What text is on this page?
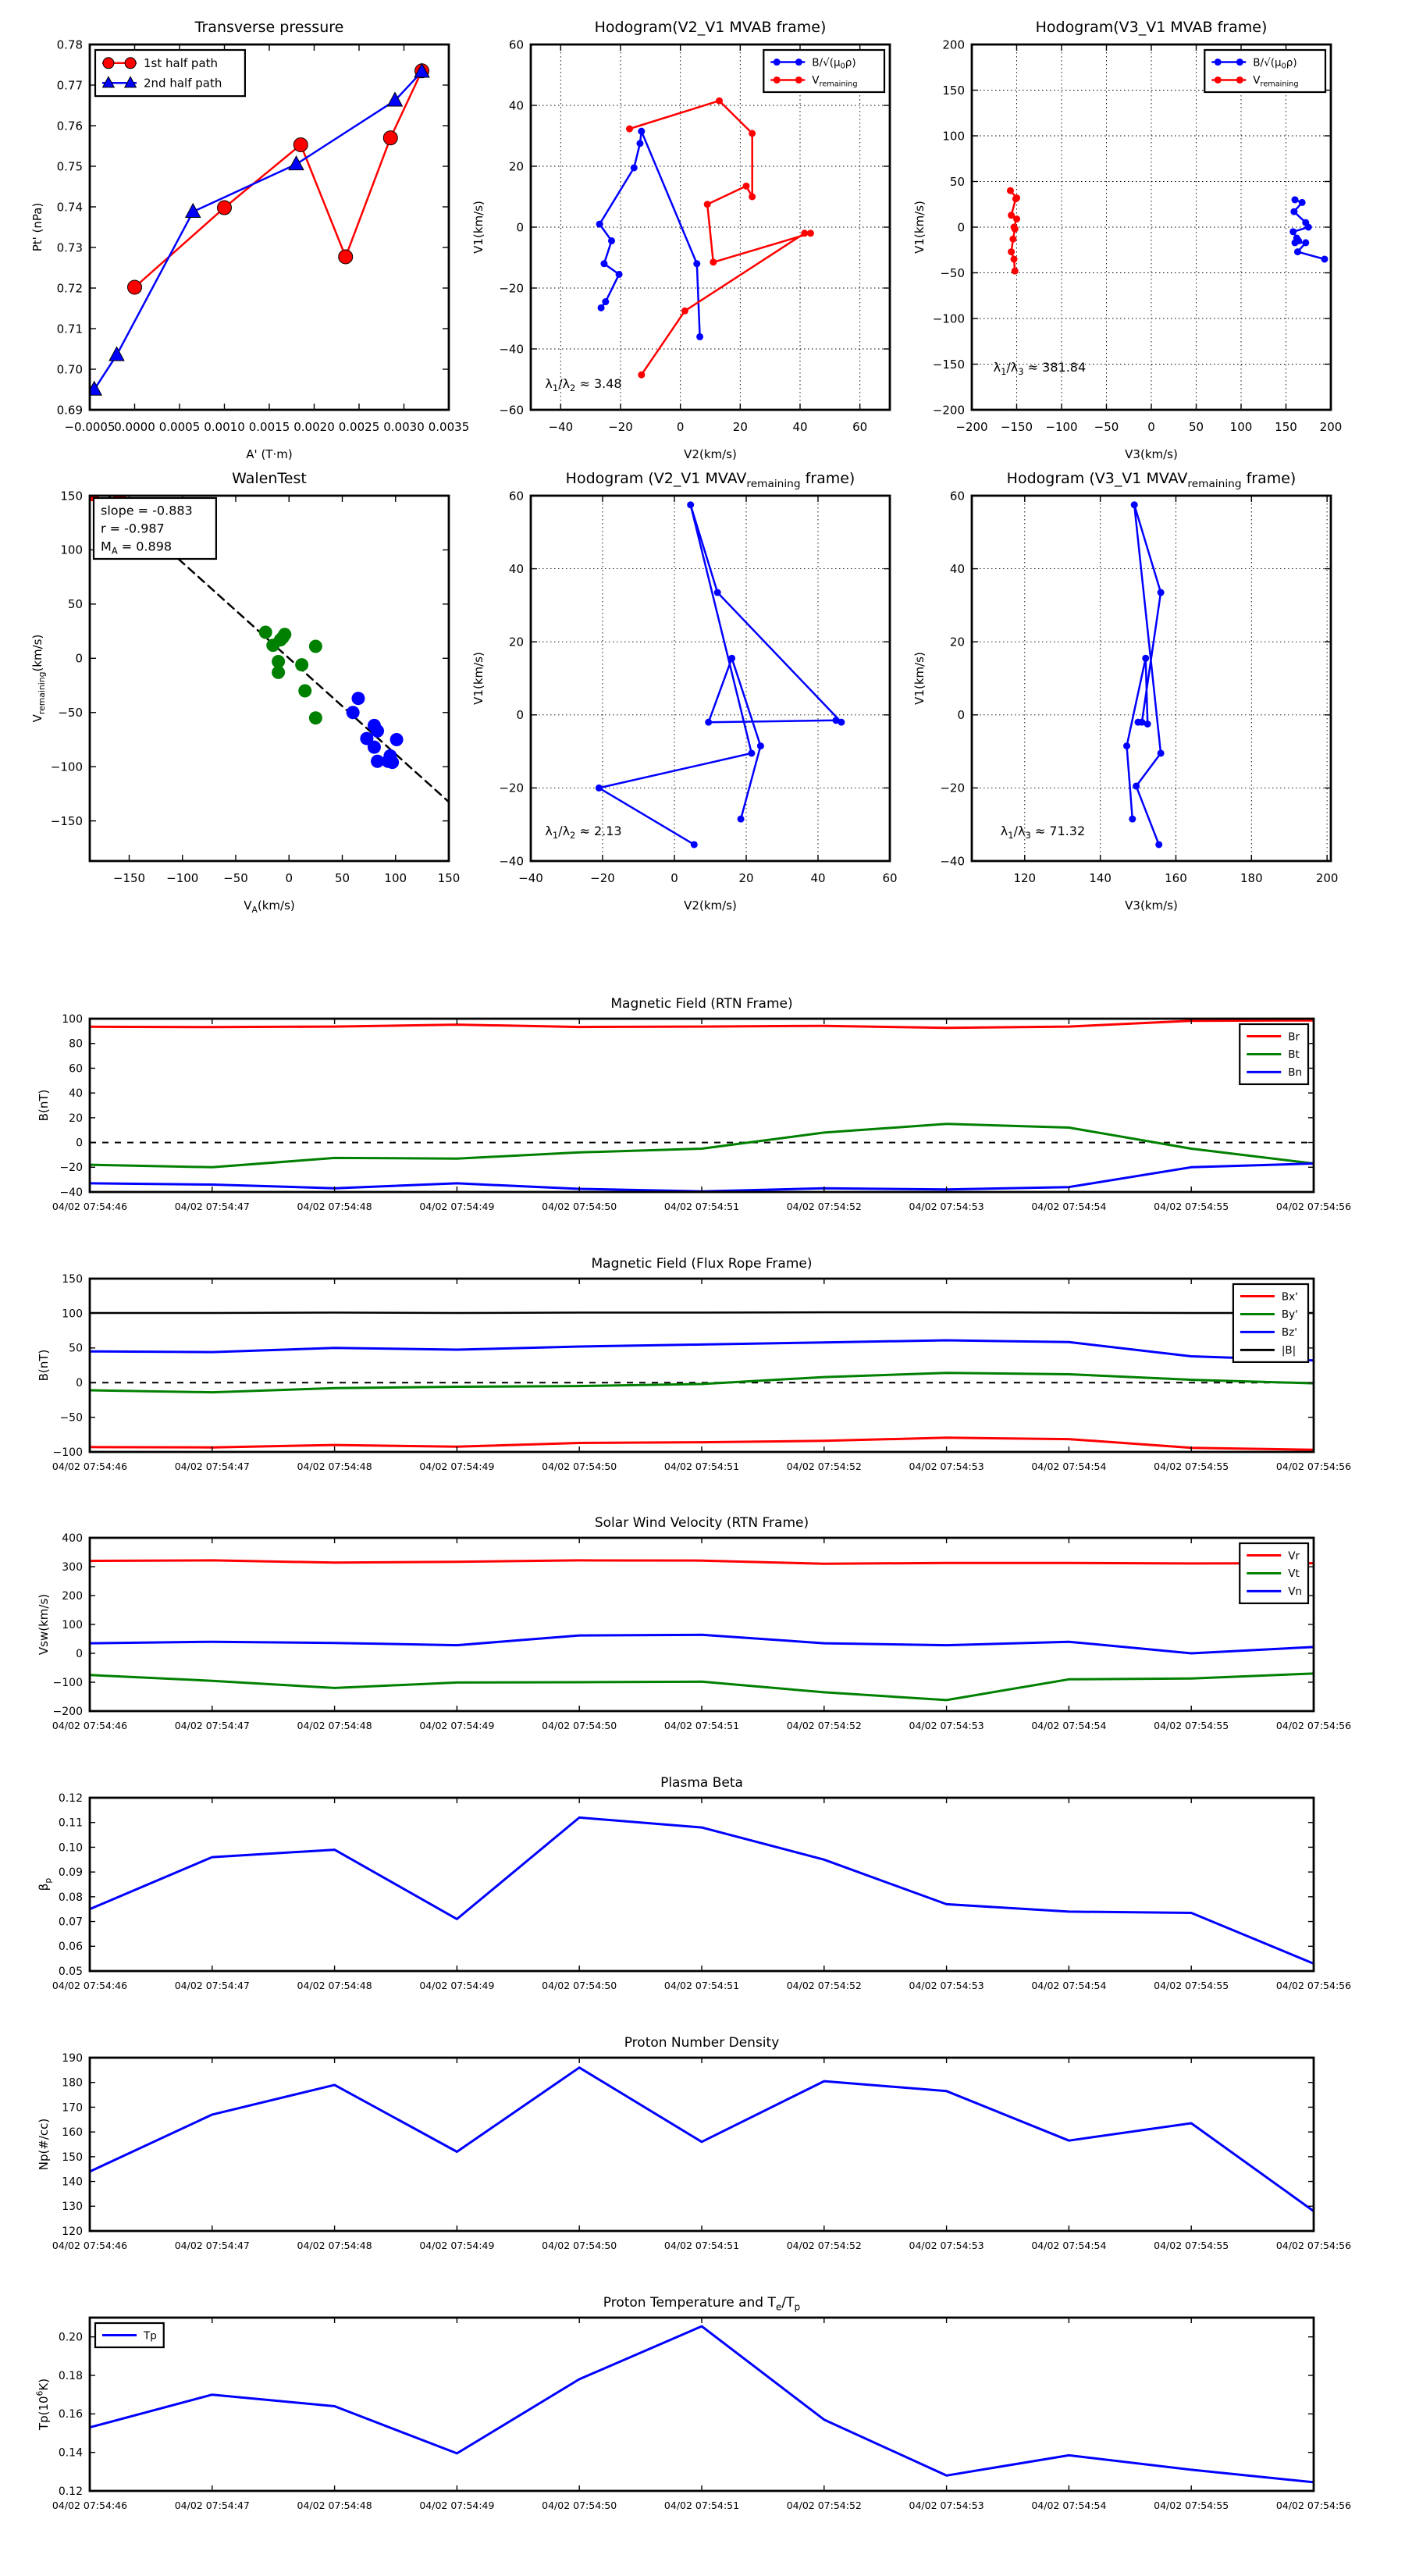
−0.0005
0.0000 0.0005 0.0010 0.0015 0.0020 0.0025 0.0030 0.0035
0.69
0.70
0.71
0.72
0.73
0.74
0.75
0.76
0.77
0.78
Transverse pressure
A' (T·m)
Pt' (nPa)
1st half path
2nd half path
−40	−20	0	20	40	60
−60
−40
−20
0
20
40
60
Hodogram(V2_V1 MVAB frame)
V2(km/s)
V1(km/s)
$B/√(\mu_0\rho)$
$V_{remaining}$
$\lambda_1/\lambda_2 \approx 3.48$
−200 −150 −100 −50 0	50 100 150 200
−200
−150
−100
−50
0
50
100
150
200
Hodogram(V3_V1 MVAB frame)
V3(km/s)
V1(km/s)
$B/√(\mu_0\rho)$
$V_{remaining}$
$\lambda_1/\lambda_3 \approx 381.84$
−150 −100 −50	0	50	100	150
−150
−100
−50
0
50
100
150
WalenTest
$V_A(km/s)$
$V_{remaining}(km/s)$
slope = -0.883
r = -0.987
$M_A = 0.898$
−40	−20	0	20	40	60
−40
−20
0
20
40
60
Hodogram (V2_V1 $MVAV_{remaining}$ frame)
V2(km/s)
V1(km/s)
$\lambda_1/\lambda_2 \approx 2.13$
120	140	160	180	200
−40
−20
0
20
40
60
Hodogram (V3_V1 $MVAV_{remaining}$ frame)
V3(km/s)
V1(km/s)
$\lambda_1/\lambda_3 \approx 71.32$
04/02 07:54:46	04/02 07:54:47	04/02 07:54:48	04/02 07:54:49	04/02 07:54:50	04/02 07:54:51	04/02 07:54:52	04/02 07:54:53	04/02 07:54:54	04/02 07:54:55	04/02 07:54:56
−40
−20
0
20
40
60
80
100
Magnetic Field (RTN Frame)
B(nT)
Br
Bt
Bn
04/02 07:54:46	04/02 07:54:47	04/02 07:54:48	04/02 07:54:49	04/02 07:54:50	04/02 07:54:51	04/02 07:54:52	04/02 07:54:53	04/02 07:54:54	04/02 07:54:55	04/02 07:54:56
−100
−50
0
50
100
150
Magnetic Field (Flux Rope Frame)
B(nT)
Bx'
By'
Bz'
|B|
04/02 07:54:46	04/02 07:54:47	04/02 07:54:48	04/02 07:54:49	04/02 07:54:50	04/02 07:54:51	04/02 07:54:52	04/02 07:54:53	04/02 07:54:54	04/02 07:54:55	04/02 07:54:56
−200
−100
0
100
200
300
400
Solar Wind Velocity (RTN Frame)
Vsw(km/s)
Vr
Vt
Vn
04/02 07:54:46	04/02 07:54:47	04/02 07:54:48	04/02 07:54:49	04/02 07:54:50	04/02 07:54:51	04/02 07:54:52	04/02 07:54:53	04/02 07:54:54	04/02 07:54:55	04/02 07:54:56
0.05
0.06
0.07
0.08
0.09
0.10
0.11
0.12
Plasma Beta
$\beta_p$
04/02 07:54:46	04/02 07:54:47	04/02 07:54:48	04/02 07:54:49	04/02 07:54:50	04/02 07:54:51	04/02 07:54:52	04/02 07:54:53	04/02 07:54:54	04/02 07:54:55	04/02 07:54:56
120
130
140
150
160
170
180
190
Proton Number Density
Np(#/cc)
04/02 07:54:46	04/02 07:54:47	04/02 07:54:48	04/02 07:54:49	04/02 07:54:50	04/02 07:54:51	04/02 07:54:52	04/02 07:54:53	04/02 07:54:54	04/02 07:54:55	04/02 07:54:56
0.12
0.14
0.16
0.18
0.20
Proton Temperature and $T_e/T_p$
$Tp(10^6K)$
Tp
